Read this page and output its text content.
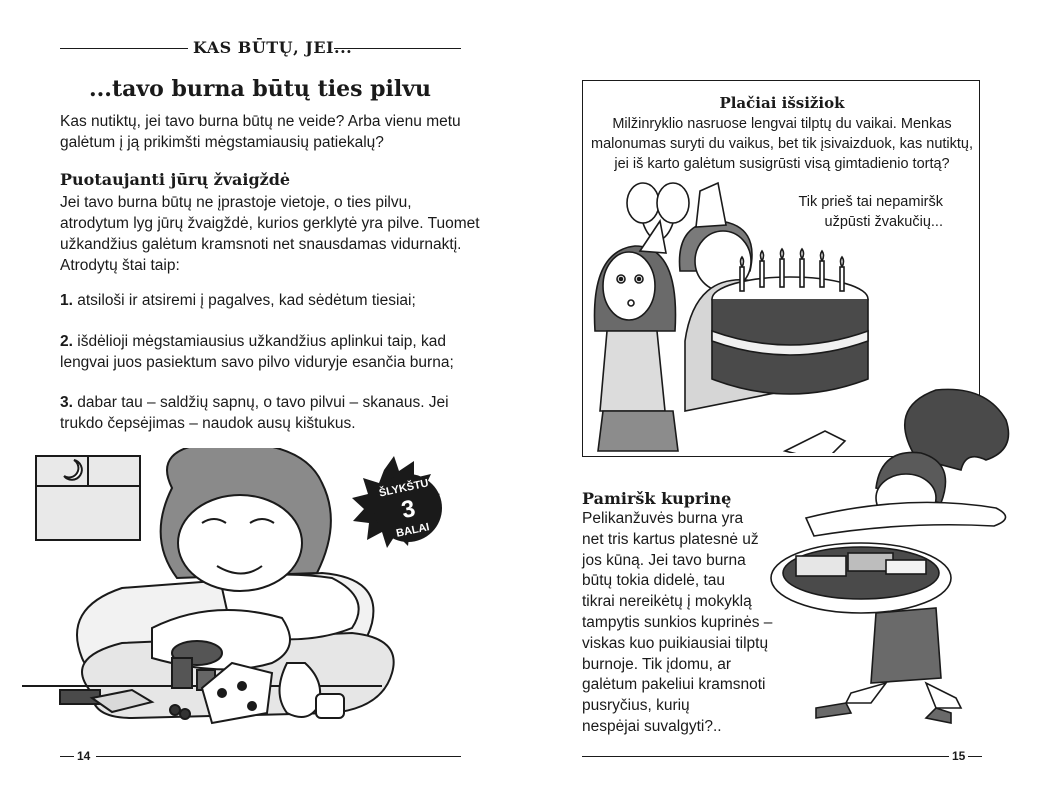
KAS BŪTŲ, JEI...
...tavo burna būtų ties pilvu
Kas nutiktų, jei tavo burna būtų ne veide? Arba vienu metu
galėtum į ją prikimšti mėgstamiausių patiekalų?
Puotaujanti jūrų žvaigždė
Jei tavo burna būtų ne įprastoje vietoje, o ties pilvu,
atrodytum lyg jūrų žvaigždė, kurios gerklytė yra pilve. Tuomet
užkandžius galėtum kramsnoti net snausdamas vidurnaktį.
Atrodytų štai taip:
1. atsiloši ir atsiremi į pagalves, kad sėdėtum tiesiai;
2. išdėlioji mėgstamiausius užkandžius aplinkui taip, kad
lengvai juos pasiektum savo pilvo viduryje esančia burna;
3. dabar tau – saldžių sapnų, o tavo pilvui – skanaus. Jei
trukdo čepsėjimas – naudok ausų kištukus.
ŠLYKŠTU
3
BALAI
14
Plačiai išsižiok
Milžinryklio nasruose lengvai tilptų du vaikai. Menkas
malonumas suryti du vaikus, bet tik įsivaizduok, kas nutiktų,
jei iš karto galėtum susigrūsti visą gimtadienio tortą?
Tik prieš tai nepamiršk
užpūsti žvakučių...
Pamiršk kuprinę
Pelikanžuvės burna yra
net tris kartus platesnė už
jos kūną. Jei tavo burna
būtų tokia didelė, tau
tikrai nereikėtų į mokyklą
tampytis sunkios kuprinės –
viskas kuo puikiausiai tilptų
burnoje. Tik įdomu, ar
galėtum pakeliui kramsnoti
pusryčius, kurių
nespėjai suvalgyti?..
15
